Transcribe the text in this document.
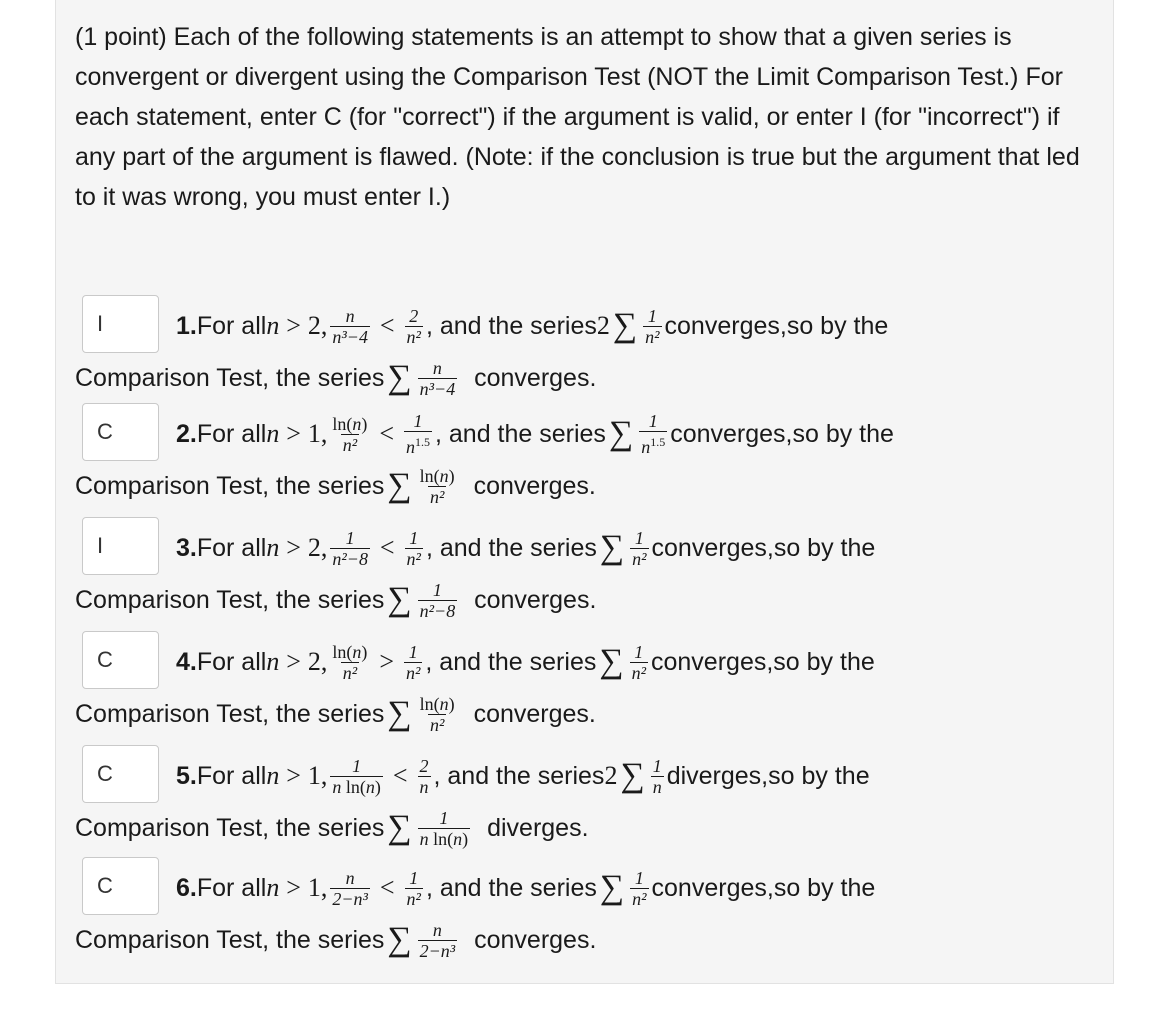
(1 point) Each of the following statements is an attempt to show that a given series is convergent or divergent using the Comparison Test (NOT the Limit Comparison Test.) For each statement, enter C (for "correct") if the argument is valid, or enter I (for "incorrect") if any part of the argument is flawed. (Note: if the conclusion is true but the argument that led to it was wrong, you must enter I.)

I
1. For all n
>
2 , $\frac{n}{\text{n³−4}}$
<
$\frac{2}{\text{n²}}$ , and the series 2 ∑ $\frac{1}{\text{n²}}$ converges, so by the
Comparison Test, the series ∑ $\frac{n}{\text{n³−4}}$
converges.
C
2. For all n
>
1 , $\frac{\ln(n)}{\text{n²}}$
<
$\frac{1}{n^{1.5}}$ , and the series ∑ $\frac{1}{n^{1.5}}$ converges, so by the
Comparison Test, the series ∑ $\frac{\ln(n)}{\text{n²}}$
converges.
I
3. For all n
>
2 , $\frac{1}{\text{n²−8}}$
<
$\frac{1}{\text{n²}}$ , and the series ∑ $\frac{1}{\text{n²}}$ converges, so by the
Comparison Test, the series ∑ $\frac{1}{\text{n²−8}}$
converges.
C
4. For all n
>
2 , $\frac{\ln(n)}{\text{n²}}$
>
$\frac{1}{\text{n²}}$ , and the series ∑ $\frac{1}{\text{n²}}$ converges, so by the
Comparison Test, the series ∑ $\frac{\ln(n)}{\text{n²}}$
converges.
C
5. For all n
>
1 , $\frac{1}{\text{n ln(n)}}$
<
$\frac{2}{n}$ , and the series 2 ∑ $\frac{1}{n}$ diverges, so by the
Comparison Test, the series ∑ $\frac{1}{\text{n ln(n)}}$
diverges.
C
6. For all n
>
1 , $\frac{n}{\text{2−n³}}$
<
$\frac{1}{\text{n²}}$ , and the series ∑ $\frac{1}{\text{n²}}$ converges, so by the
Comparison Test, the series ∑ $\frac{n}{\text{2−n³}}$
converges.
